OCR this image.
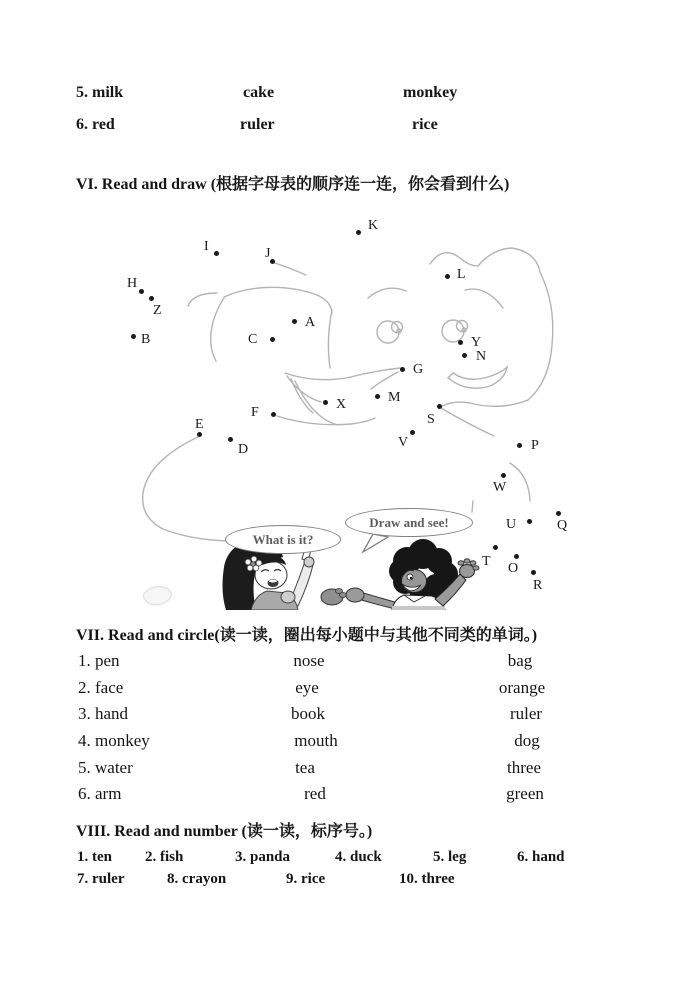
5. milk	cake	monkey
6. red	ruler	rice
VI. Read and draw (根据字母表的顺序连一连，你会看到什么)
What is it?
Draw and see!
K
I	J
L
H
Z
A
B	C	Y
N
G
M
X
F	S
E
V
D	P
W
Q
U
T O
R
VII. Read and circle(读一读，圈出每小题中与其他不同类的单词。)
1. pen	nose	bag
2. face	eye	orange
3. hand	book	ruler
4. monkey	mouth	dog
5. water	tea	three
6. arm	red	green
VIII. Read and number (读一读，标序号。)
1. ten 2. fish	3. panda	4. duck	5. leg	6. hand
7. ruler	8. crayon	9. rice	10. three
